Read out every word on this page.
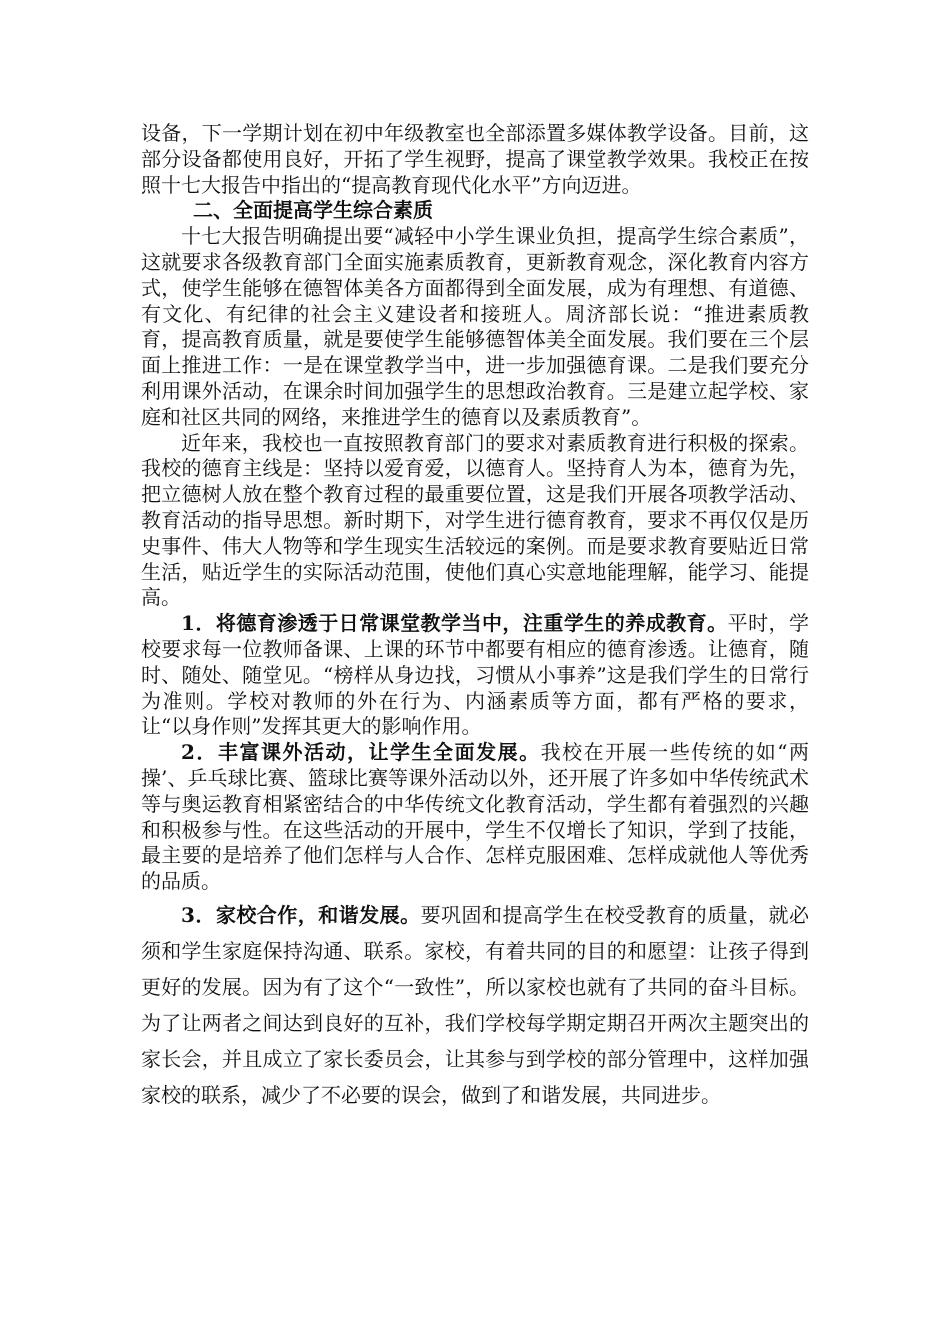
设备，下一学期计划在初中年级教室也全部添置多媒体教学设备。目前，这部分设备都使用良好，开拓了学生视野，提高了课堂教学效果。我校正在按照十七大报告中指出的“提高教育现代化水平”方向迈进。

二、全面提高学生综合素质

十七大报告明确提出要“减轻中小学生课业负担，提高学生综合素质”，这就要求各级教育部门全面实施素质教育，更新教育观念，深化教育内容方式，使学生能够在德智体美各方面都得到全面发展，成为有理想、有道德、有文化、有纪律的社会主义建设者和接班人。周济部长说：“推进素质教育，提高教育质量，就是要使学生能够德智体美全面发展。我们要在三个层面上推进工作：一是在课堂教学当中，进一步加强德育课。二是我们要充分利用课外活动，在课余时间加强学生的思想政治教育。三是建立起学校、家庭和社区共同的网络，来推进学生的德育以及素质教育”。

近年来，我校也一直按照教育部门的要求对素质教育进行积极的探索。我校的德育主线是：坚持以爱育爱，以德育人。坚持育人为本，德育为先，把立德树人放在整个教育过程的最重要位置，这是我们开展各项教学活动、教育活动的指导思想。新时期下，对学生进行德育教育，要求不再仅仅是历史事件、伟大人物等和学生现实生活较远的案例。而是要求教育要贴近日常生活，贴近学生的实际活动范围，使他们真心实意地能理解，能学习、能提高。

1．将德育渗透于日常课堂教学当中，注重学生的养成教育。平时，学校要求每一位教师备课、上课的环节中都要有相应的德育渗透。让德育，随时、随处、随堂见。“榜样从身边找，习惯从小事养”这是我们学生的日常行为准则。学校对教师的外在行为、内涵素质等方面，都有严格的要求，让“以身作则”发挥其更大的影响作用。

2．丰富课外活动，让学生全面发展。我校在开展一些传统的如“两操’、乒乓球比赛、篮球比赛等课外活动以外，还开展了许多如中华传统武术等与奥运教育相紧密结合的中华传统文化教育活动，学生都有着强烈的兴趣和积极参与性。在这些活动的开展中，学生不仅增长了知识，学到了技能，最主要的是培养了他们怎样与人合作、怎样克服困难、怎样成就他人等优秀的品质。

3．家校合作，和谐发展。要巩固和提高学生在校受教育的质量，就必须和学生家庭保持沟通、联系。家校，有着共同的目的和愿望：让孩子得到更好的发展。因为有了这个“一致性”，所以家校也就有了共同的奋斗目标。为了让两者之间达到良好的互补，我们学校每学期定期召开两次主题突出的家长会，并且成立了家长委员会，让其参与到学校的部分管理中，这样加强家校的联系，减少了不必要的误会，做到了和谐发展，共同进步。
